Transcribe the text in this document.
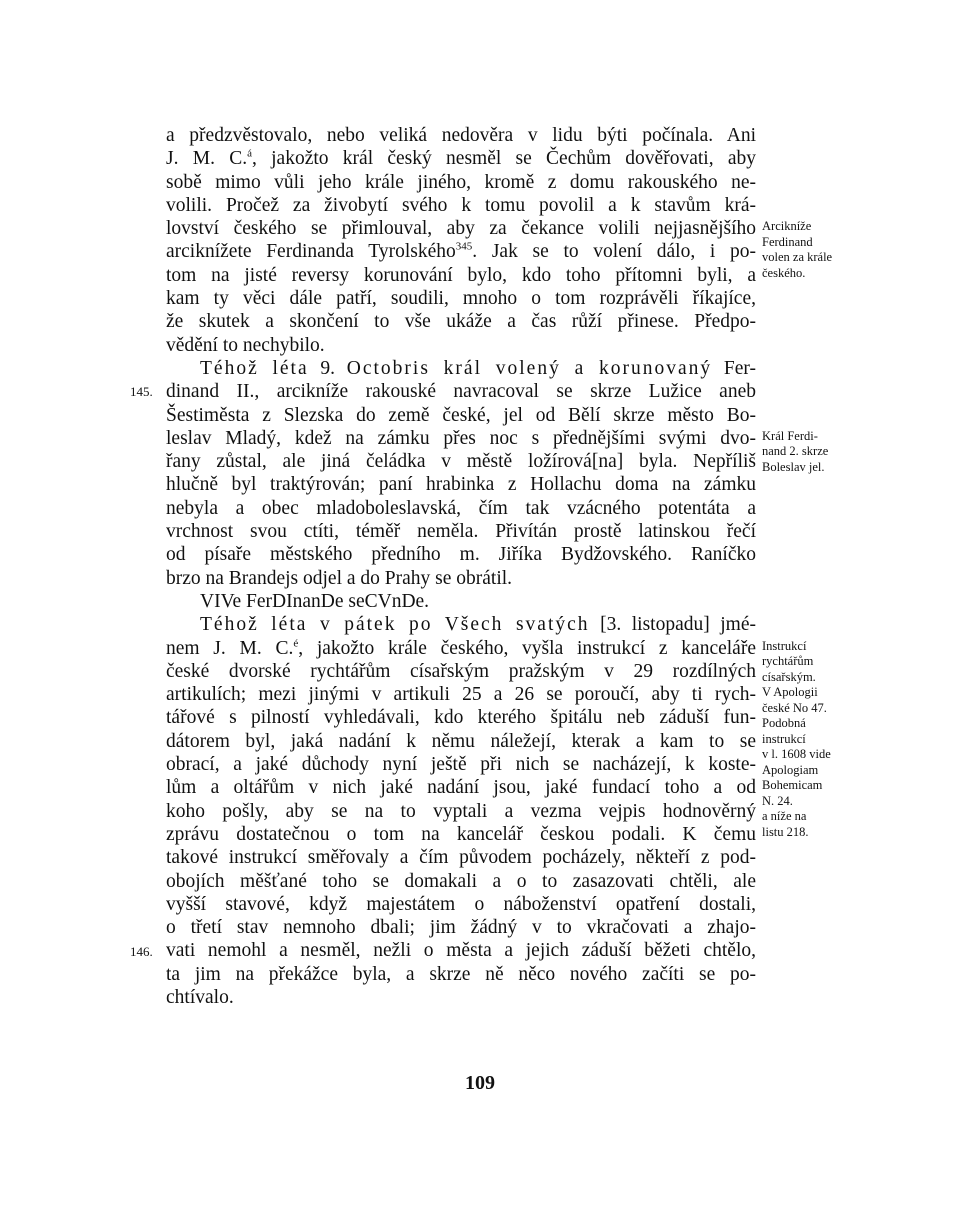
a předzvěstovalo, nebo veliká nedověra v lidu býti počínala. Ani
J. M. C.$^á$, jakožto král český nesměl se Čechům dověřovati, aby
sobě mimo vůli jeho krále jiného, kromě z domu rakouského ne-
volili. Pročež za živobytí svého k tomu povolil a k stavům krá-
lovství českého se přimlouval, aby za čekance volili nejjasnějšího
arciknížete Ferdinanda Tyrolského$^{345}$. Jak se to volení dálo, i po-
tom na jisté reversy korunování bylo, kdo toho přítomni byli, a
kam ty věci dále patří, soudili, mnoho o tom rozprávěli říkajíce,
že skutek a skončení to vše ukáže a čas růží přinese. Předpo-
vědění to nechybilo.
Téhož léta 9. Octobris král volený a korunovaný Fer-
dinand II., arcikníže rakouské navracoval se skrze Lužice aneb
Šestiměsta z Slezska do země české, jel od Bělí skrze město Bo-
leslav Mladý, kdež na zámku přes noc s přednějšími svými dvo-
řany zůstal, ale jiná čeládka v městě ložírová[na] byla. Nepříliš
hlučně byl traktýrován; paní hrabinka z Hollachu doma na zámku
nebyla a obec mladoboleslavská, čím tak vzácného potentáta a
vrchnost svou ctíti, téměř neměla. Přivítán prostě latinskou řečí
od písaře městského předního m. Jiříka Bydžovského. Raníčko
brzo na Brandejs odjel a do Prahy se obrátil.
VIVe FerDInanDe seCVnDe.
Téhož léta v pátek po Všech svatých [3. listopadu] jmé-
nem J. M. C.$^é$, jakožto krále českého, vyšla instrukcí z kanceláře
české dvorské rychtářům císařským pražským v 29 rozdílných
artikulích; mezi jinými v artikuli 25 a 26 se poroučí, aby ti rych-
tářové s pilností vyhledávali, kdo kterého špitálu neb záduší fun-
dátorem byl, jaká nadání k němu náležejí, kterak a kam to se
obrací, a jaké důchody nyní ještě při nich se nacházejí, k koste-
lům a oltářům v nich jaké nadání jsou, jaké fundací toho a od
koho pošly, aby se na to vyptali a vezma vejpis hodnověrný
zprávu dostatečnou o tom na kancelář českou podali. K čemu
takové instrukcí směřovaly a čím původem pocházely, někteří z pod-
obojích měšťané toho se domakali a o to zasazovati chtěli, ale
vyšší stavové, když majestátem o náboženství opatření dostali,
o třetí stav nemnoho dbali; jim žádný v to vkračovati a zhajo-
vati nemohl a nesměl, nežli o města a jejich záduší běžeti chtělo,
ta jim na překážce byla, a skrze ně něco nového začíti se po-
chtívalo.
145.
146.
Arcikníže
Ferdinand
volen za krále
českého.
Král Ferdi-
nand 2. skrze
Boleslav jel.
Instrukcí
rychtářům
císařským.
V Apologii
české No 47.
Podobná
instrukcí
v l. 1608 vide
Apologiam
Bohemicam
N. 24.
a níže na
listu 218.
109
